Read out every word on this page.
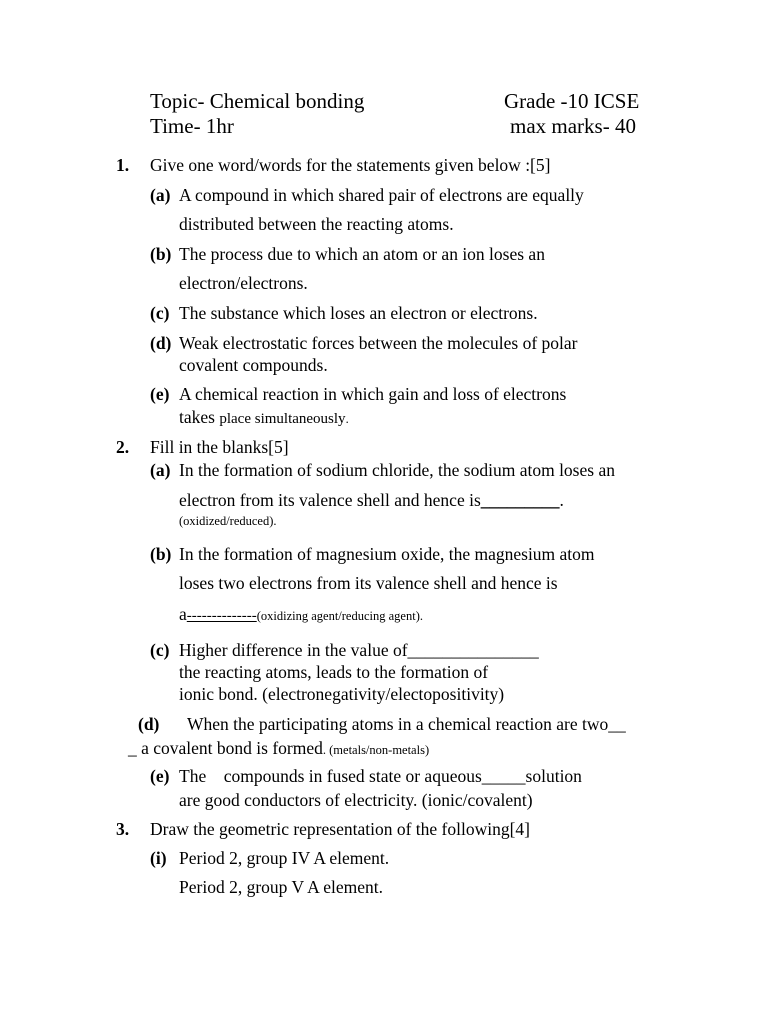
Topic- Chemical bonding	Grade -10 ICSE
Time- 1hr	max marks- 40
1. Give one word/words for the statements given below :[5]
(a) A compound in which shared pair of electrons are equally
distributed between the reacting atoms.
(b) The process due to which an atom or an ion loses an
electron/electrons.
(c) The substance which loses an electron or electrons.
(d) Weak electrostatic forces between the molecules of polar
covalent compounds.
(e) A chemical reaction in which gain and loss of electrons
takes place simultaneously.
2. Fill in the blanks[5]
(a) In the formation of sodium chloride, the sodium atom loses an
electron from its valence shell and hence is_________.
(oxidized/reduced).
(b) In the formation of magnesium oxide, the magnesium atom
loses two electrons from its valence shell and hence is
a--------------(oxidizing agent/reducing agent).
(c) Higher difference in the value of_______________
the reacting atoms, leads to the formation of
ionic bond. (electronegativity/electopositivity)
(d) When the participating atoms in a chemical reaction are two__
_ a covalent bond is formed. (metals/non-metals)
(e) The    compounds in fused state or aqueous_____solution
are good conductors of electricity. (ionic/covalent)
3. Draw the geometric representation of the following[4]
(i) Period 2, group IV A element.
Period 2, group V A element.
